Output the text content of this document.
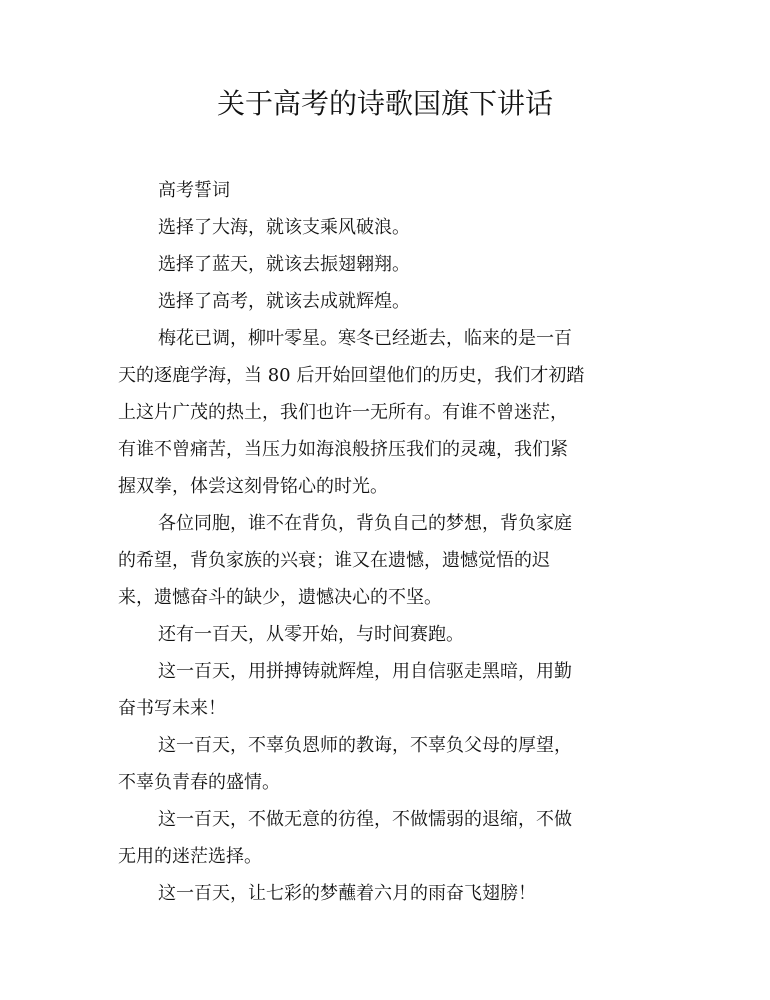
关于高考的诗歌国旗下讲话

高考誓词

选择了大海，就该支乘风破浪。

选择了蓝天，就该去振翅翱翔。

选择了高考，就该去成就辉煌。

梅花已调，柳叶零星。寒冬已经逝去，临来的是一百
天的逐鹿学海，当 80 后开始回望他们的历史，我们才初踏
上这片广茂的热土，我们也许一无所有。有谁不曾迷茫，
有谁不曾痛苦，当压力如海浪般挤压我们的灵魂，我们紧
握双拳，体尝这刻骨铭心的时光。

各位同胞，谁不在背负，背负自己的梦想，背负家庭
的希望，背负家族的兴衰；谁又在遗憾，遗憾觉悟的迟
来，遗憾奋斗的缺少，遗憾决心的不坚。

还有一百天，从零开始，与时间赛跑。

这一百天，用拼搏铸就辉煌，用自信驱走黑暗，用勤
奋书写未来！

这一百天，不辜负恩师的教诲，不辜负父母的厚望，
不辜负青春的盛情。

这一百天，不做无意的彷徨，不做懦弱的退缩，不做
无用的迷茫选择。

这一百天，让七彩的梦蘸着六月的雨奋飞翅膀！
